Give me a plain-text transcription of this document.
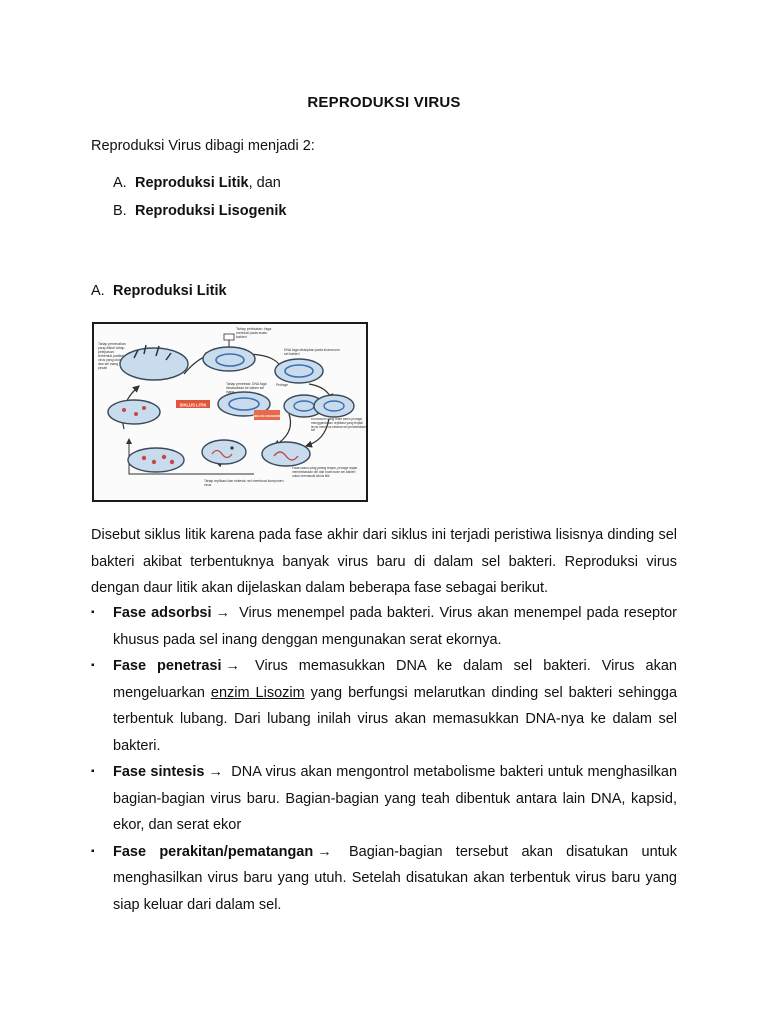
REPRODUKSI VIRUS
Reproduksi Virus dibagi menjadi 2:
A. Reproduksi Litik, dan
B. Reproduksi Lisogenik
A. Reproduksi Litik
SIKLUS LITIK
SIKLUS LISOGENIK
Tahap pemecahan yang diikuti tahap pelepasan: terbentuk partikel virus yang utuh dan sel inang pecah
Tahap pelekatan: faga melekat pada suatu bakteri
DNA faga disisipkan pada kromosom sel bakteri
Tahap penetrasi: DNA faga dimasukkan ke dalam sel inang
Profage
Kromosom yang telah berisi profage menggandakan replikasi yang terjadi terus menerus selama sel pembelahan sel
Pada kasus yang jarang terjadi, profage dapat membebaskan diri dari kromosom sel bakteri untuk memasuki siklus litik
Tahap replikasi dan sintesis: sel membuat komponen virus
Disebut siklus litik karena pada fase akhir dari siklus ini terjadi peristiwa lisisnya dinding sel bakteri akibat terbentuknya banyak virus baru di dalam sel bakteri. Reproduksi virus dengan daur litik akan dijelaskan dalam beberapa fase sebagai berikut.
▪ Fase adsorbsi → Virus menempel pada bakteri. Virus akan menempel pada reseptor khusus pada sel inang denggan mengunakan serat ekornya.
▪ Fase penetrasi → Virus memasukkan DNA ke dalam sel bakteri. Virus akan mengeluarkan enzim Lisozim yang berfungsi melarutkan dinding sel bakteri sehingga terbentuk lubang. Dari lubang inilah virus akan memasukkan DNA-nya ke dalam sel bakteri.
▪ Fase sintesis → DNA virus akan mengontrol metabolisme bakteri untuk menghasilkan bagian-bagian virus baru. Bagian-bagian yang teah dibentuk antara lain DNA, kapsid, ekor, dan serat ekor
▪ Fase perakitan/pematangan → Bagian-bagian tersebut akan disatukan untuk menghasilkan virus baru yang utuh. Setelah disatukan akan terbentuk virus baru yang siap keluar dari dalam sel.
